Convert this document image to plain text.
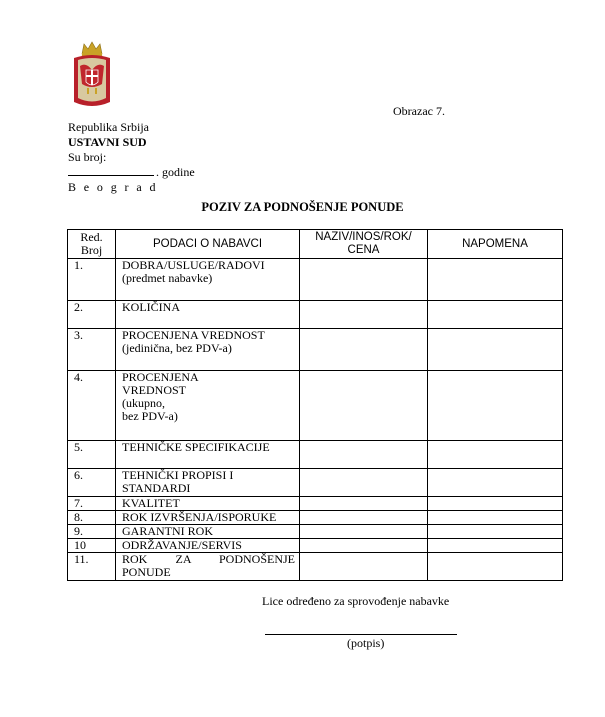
Obrazac 7.
Republika Srbija
USTAVNI SUD
Su broj:
. godine
B e o g r a d
POZIV ZA PODNOŠENJE PONUDE
Red. Broj	PODACI O NABAVCI	NAZIV/INOS/ROK/ CENA	NAPOMENA
1.	DOBRA/USLUGE/RADOVI
(predmet nabavke)		

2.	KOLIČINA		

3.	PROCENJENA VREDNOST
(jedinična, bez PDV-a)		

4.	PROCENJENA
VREDNOST
(ukupno,
bez PDV-a)		

5.	TEHNIČKE SPECIFIKACIJE		

6.	TEHNIČKI PROPISI I
STANDARDI		

7.	KVALITET		

8.	ROK IZVRŠENJA/ISPORUKE		

9.	GARANTNI ROK		

10	ODRŽAVANJE/SERVIS		

11.	ROK ZA PODNOŠENJE
PONUDE		

Lice određeno za sprovođenje nabavke
(potpis)
